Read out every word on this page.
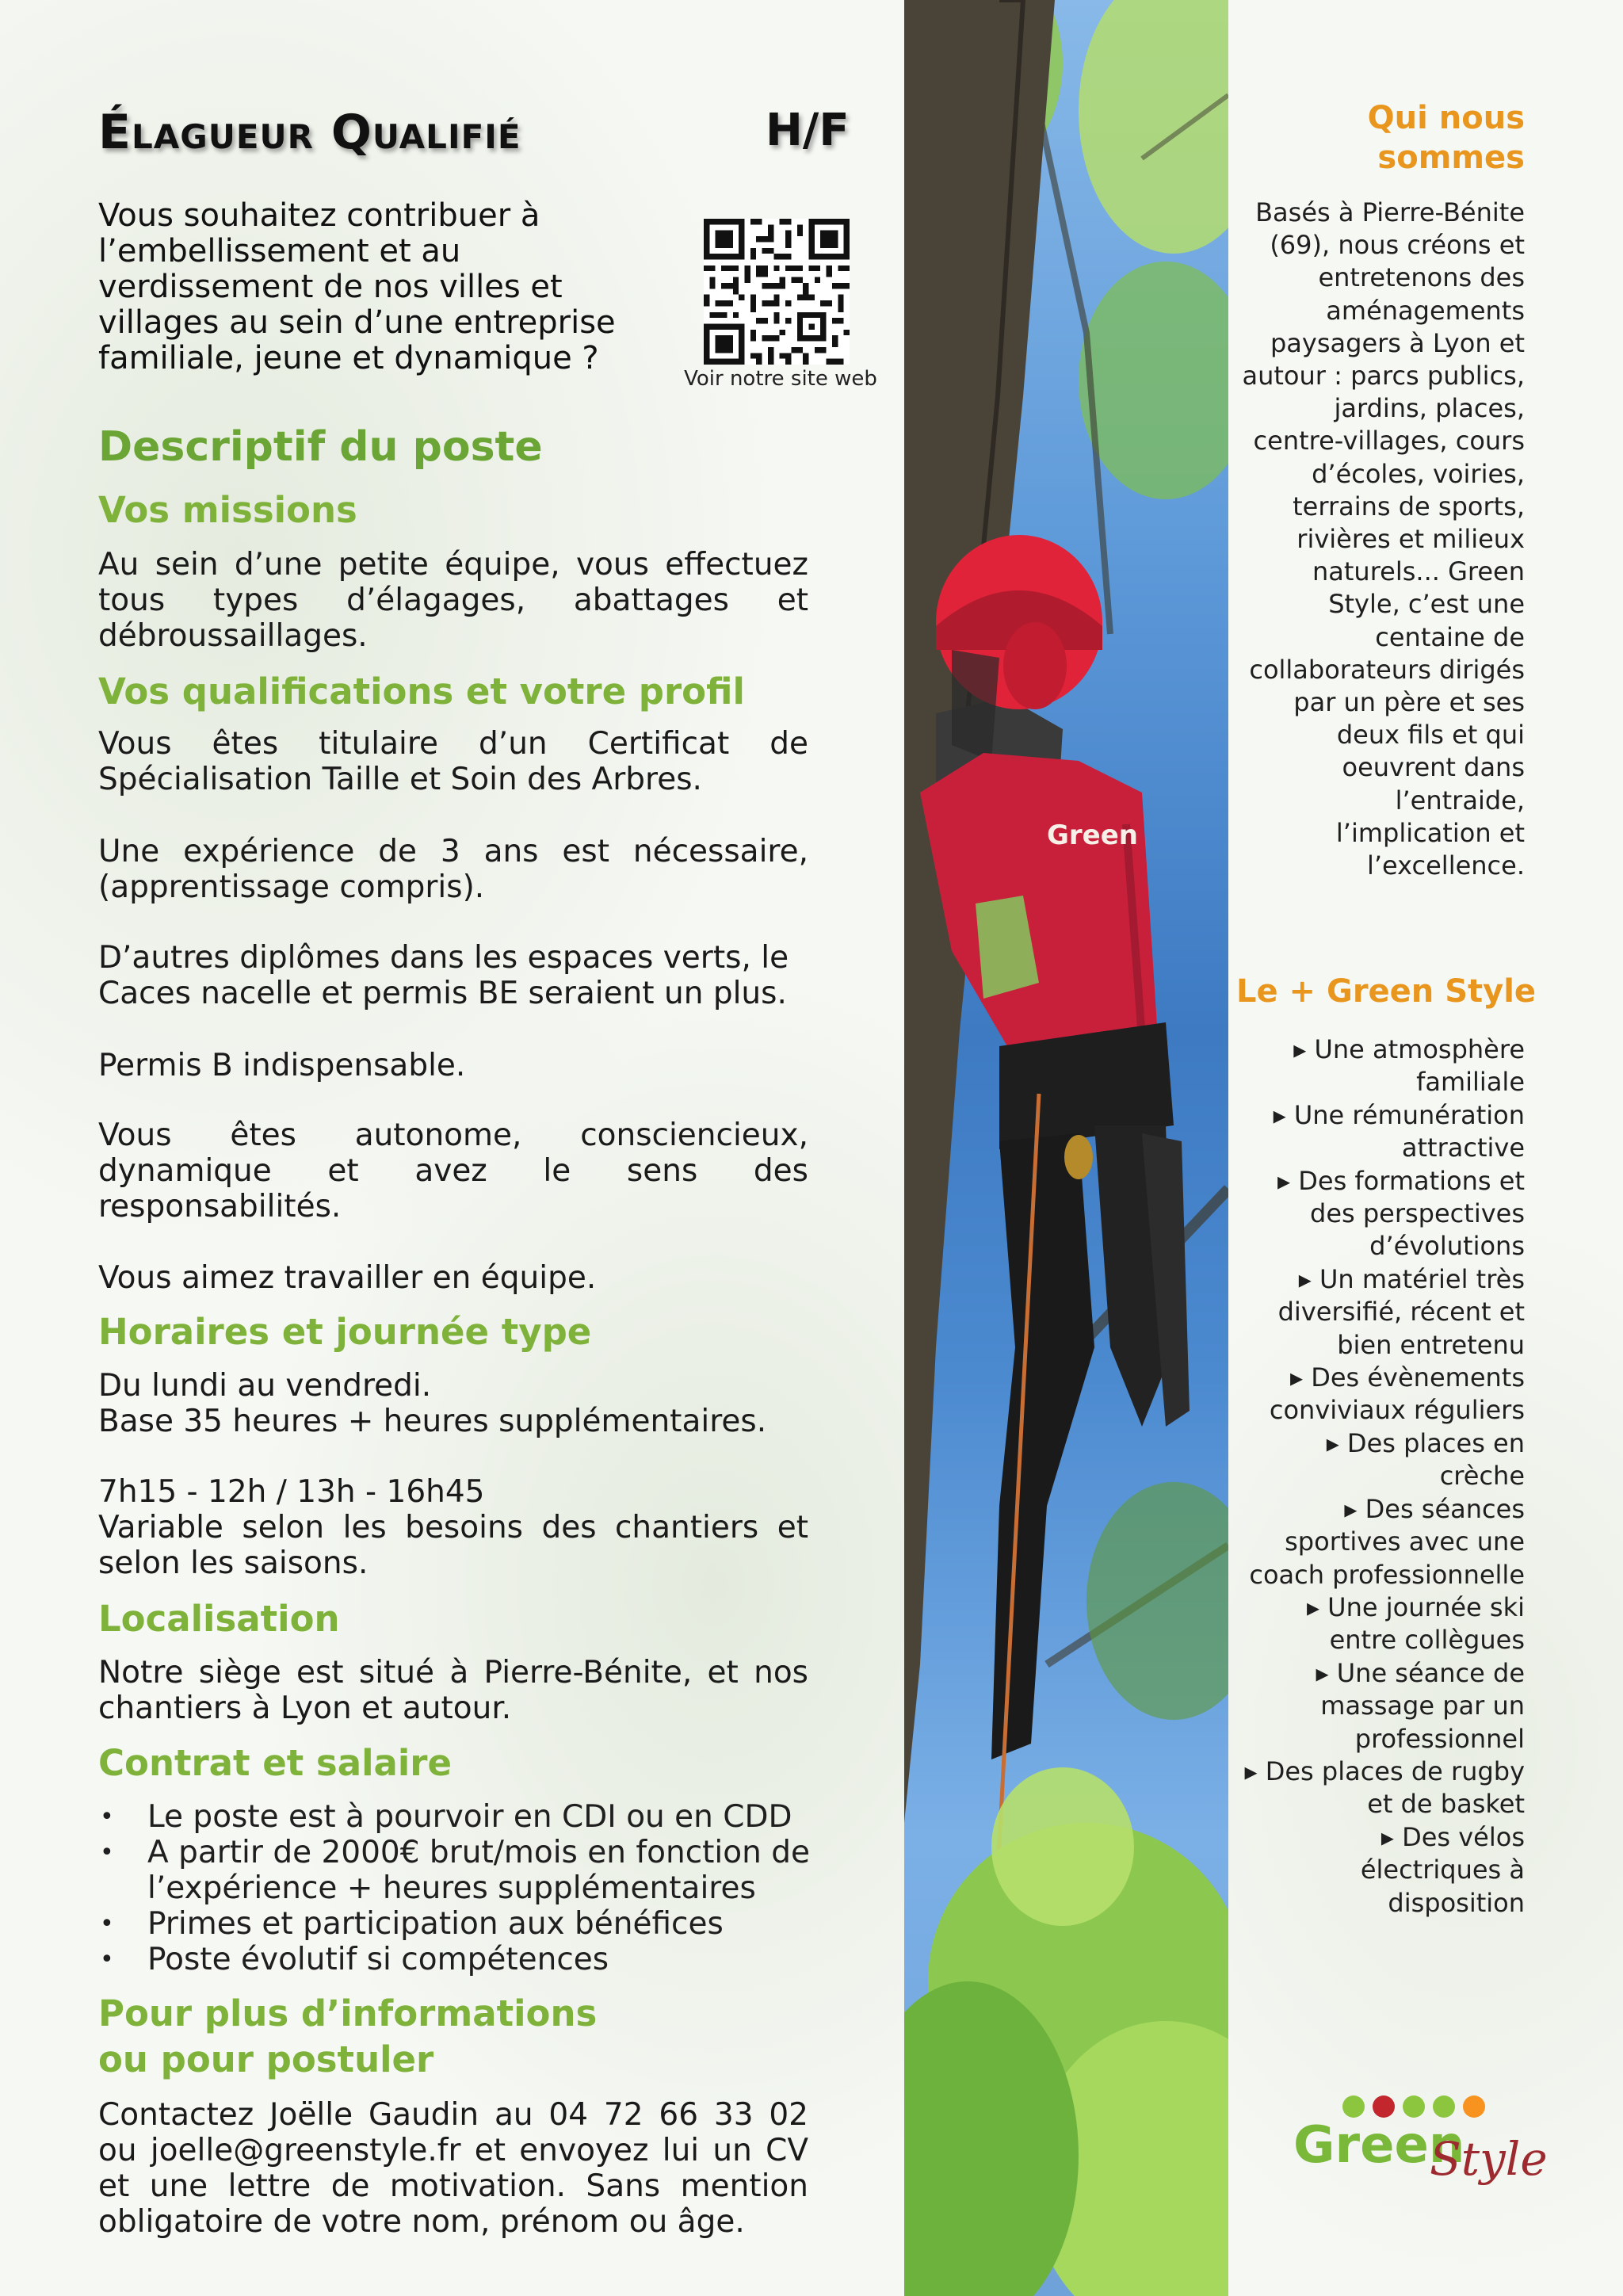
Élagueur Qualifié	H/F
Vous souhaitez contribuer à l’embellissement et au verdissement de nos villes et villages au sein d’une entreprise familiale, jeune et dynamique ?
Voir notre site web
Descriptif du poste
Vos missions
Au sein d’une petite équipe, vous effectuez tous types d’élagages, abattages et débroussaillages.
Vos qualifications et votre profil
Vous êtes titulaire d’un Certificat de Spécialisation Taille et Soin des Arbres.
Une expérience de 3 ans est nécessaire, (apprentissage compris).
D’autres diplômes dans les espaces verts, le Caces nacelle et permis BE seraient un plus.
Permis B indispensable.
Vous êtes autonome, consciencieux, dynamique et avez le sens des responsabilités.
Vous aimez travailler en équipe.
Horaires et journée type
Du lundi au vendredi.
Base 35 heures + heures supplémentaires.
7h15 - 12h / 13h - 16h45
Variable selon les besoins des chantiers et selon les saisons.
Localisation
Notre siège est situé à Pierre-Bénite, et nos chantiers à Lyon et autour.
Contrat et salaire
• Le poste est à pourvoir en CDI ou en CDD
• A partir de 2000€ brut/mois en fonction de l’expérience + heures supplémentaires
• Primes et participation aux bénéfices
• Poste évolutif si compétences
Pour plus d’informations
ou pour postuler
Contactez Joëlle Gaudin au 04 72 66 33 02 ou joelle@greenstyle.fr et envoyez lui un CV et une lettre de motivation. Sans mention obligatoire de votre nom, prénom ou âge.
Green
Qui nous
sommes
Basés à Pierre-Bénite (69), nous créons et entretenons des aménagements paysagers à Lyon et autour : parcs publics, jardins, places, centre-villages, cours d’écoles, voiries, terrains de sports, rivières et milieux naturels... Green Style, c’est une centaine de collaborateurs dirigés par un père et ses deux fils et qui oeuvrent dans l’entraide, l’implication et l’excellence.
Le + Green Style
▸ Une atmosphère familiale
▸ Une rémunération attractive
▸ Des formations et des perspectives d’évolutions
▸ Un matériel très diversifié, récent et bien entretenu
▸ Des évènements conviviaux réguliers
▸ Des places en crèche
▸ Des séances sportives avec une coach professionnelle
▸ Une journée ski entre collègues
▸ Une séance de massage par un professionnel
▸ Des places de rugby et de basket
▸ Des vélos électriques à disposition
Green
Style
